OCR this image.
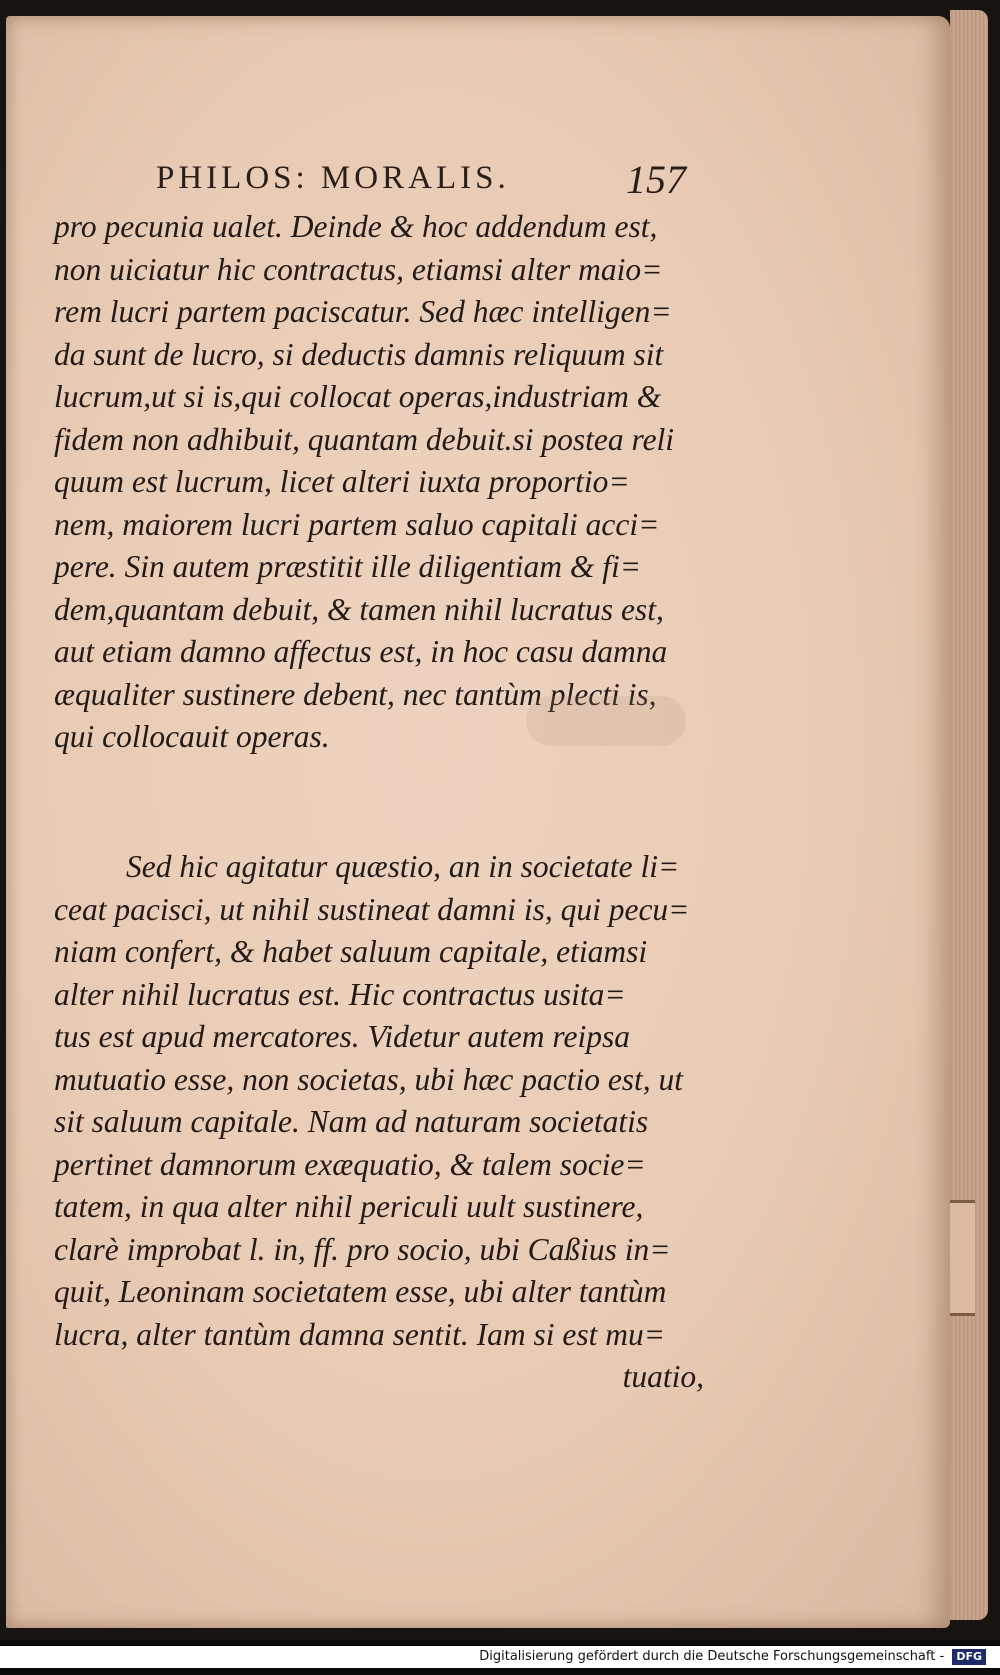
PHILOS: MORALIS.	157
pro pecunia ualet. Deinde & hoc addendum est,
non uiciatur hic contractus, etiamsi alter maio=
rem lucri partem paciscatur. Sed hæc intelligen=
da sunt de lucro, si deductis damnis reliquum sit
lucrum,ut si is,qui collocat operas,industriam &
fidem non adhibuit, quantam debuit.si postea reli
quum est lucrum, licet alteri iuxta proportio=
nem, maiorem lucri partem saluo capitali acci=
pere. Sin autem præstitit ille diligentiam & fi=
dem,quantam debuit, & tamen nihil lucratus est,
aut etiam damno affectus est, in hoc casu damna
æqualiter sustinere debent, nec tantùm plecti is,
qui collocauit operas.
Sed hic agitatur quæstio, an in societate li=
ceat pacisci, ut nihil sustineat damni is, qui pecu=
niam confert, & habet saluum capitale, etiamsi
alter nihil lucratus est. Hic contractus usita=
tus est apud mercatores. Videtur autem reipsa
mutuatio esse, non societas, ubi hæc pactio est, ut
sit saluum capitale. Nam ad naturam societatis
pertinet damnorum exæquatio, & talem socie=
tatem, in qua alter nihil periculi uult sustinere,
clarè improbat l. in, ff. pro socio, ubi Caßius in=
quit, Leoninam societatem esse, ubi alter tantùm
lucra, alter tantùm damna sentit. Iam si est mu=
tuatio,
Digitalisierung gefördert durch die Deutsche Forschungsgemeinschaft - DFG
